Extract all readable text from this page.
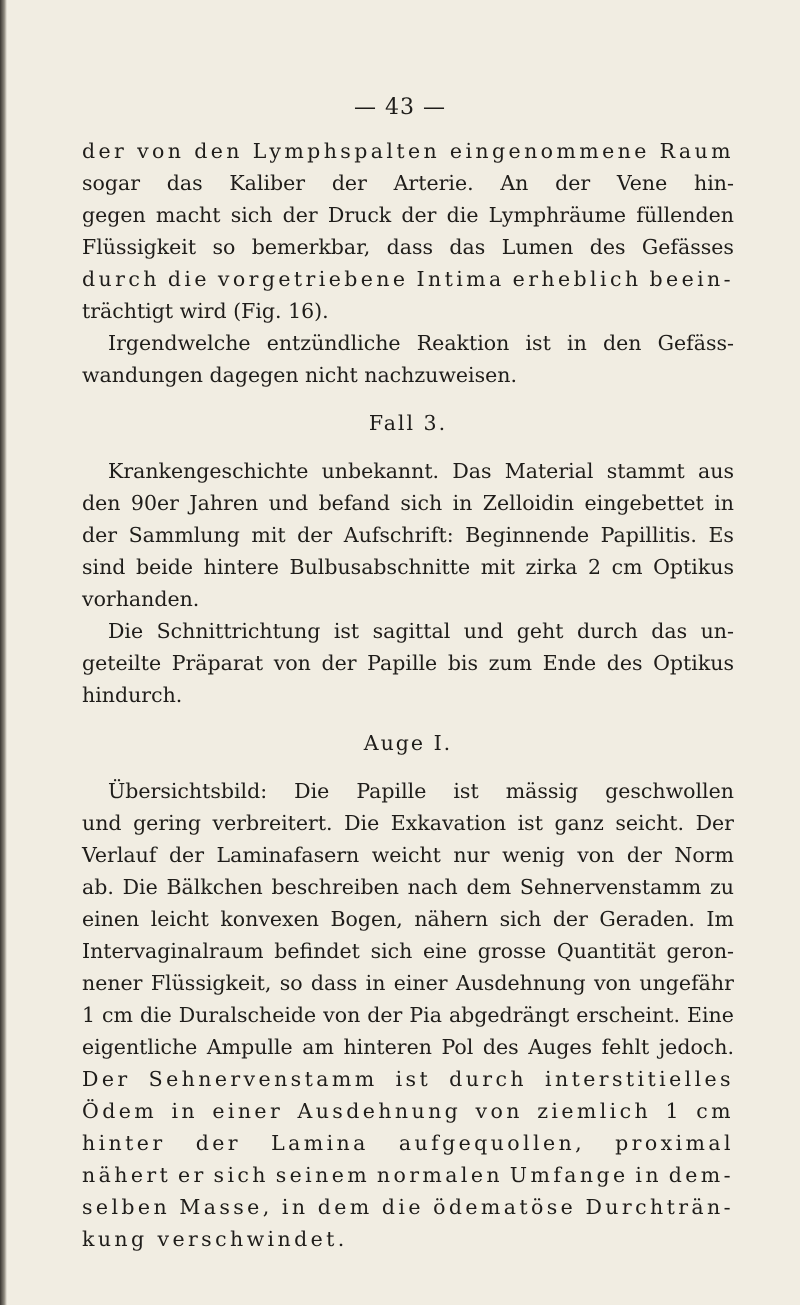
— 43 —
der von den Lymphspalten eingenommene Raum
sogar das Kaliber der Arterie. An der Vene hin-
gegen macht sich der Druck der die Lymphräume füllenden
Flüssigkeit so bemerkbar, dass das Lumen des Gefässes
durch die vorgetriebene Intima erheblich beein-
trächtigt wird (Fig. 16).
Irgendwelche entzündliche Reaktion ist in den Gefäss-
wandungen dagegen nicht nachzuweisen.
Fall 3.
Krankengeschichte unbekannt. Das Material stammt aus
den 90er Jahren und befand sich in Zelloidin eingebettet in
der Sammlung mit der Aufschrift: Beginnende Papillitis. Es
sind beide hintere Bulbusabschnitte mit zirka 2 cm Optikus
vorhanden.
Die Schnittrichtung ist sagittal und geht durch das un-
geteilte Präparat von der Papille bis zum Ende des Optikus
hindurch.
Auge I.
Übersichtsbild: Die Papille ist mässig geschwollen
und gering verbreitert. Die Exkavation ist ganz seicht. Der
Verlauf der Laminafasern weicht nur wenig von der Norm
ab. Die Bälkchen beschreiben nach dem Sehnervenstamm zu
einen leicht konvexen Bogen, nähern sich der Geraden. Im
Intervaginalraum befindet sich eine grosse Quantität geron-
nener Flüssigkeit, so dass in einer Ausdehnung von ungefähr
1 cm die Duralscheide von der Pia abgedrängt erscheint. Eine
eigentliche Ampulle am hinteren Pol des Auges fehlt jedoch.
Der Sehnervenstamm ist durch interstitielles
Ödem in einer Ausdehnung von ziemlich 1 cm
hinter der Lamina aufgequollen, proximal
nähert er sich seinem normalen Umfange in dem-
selben Masse, in dem die ödematöse Durchträn-
kung verschwindet.
